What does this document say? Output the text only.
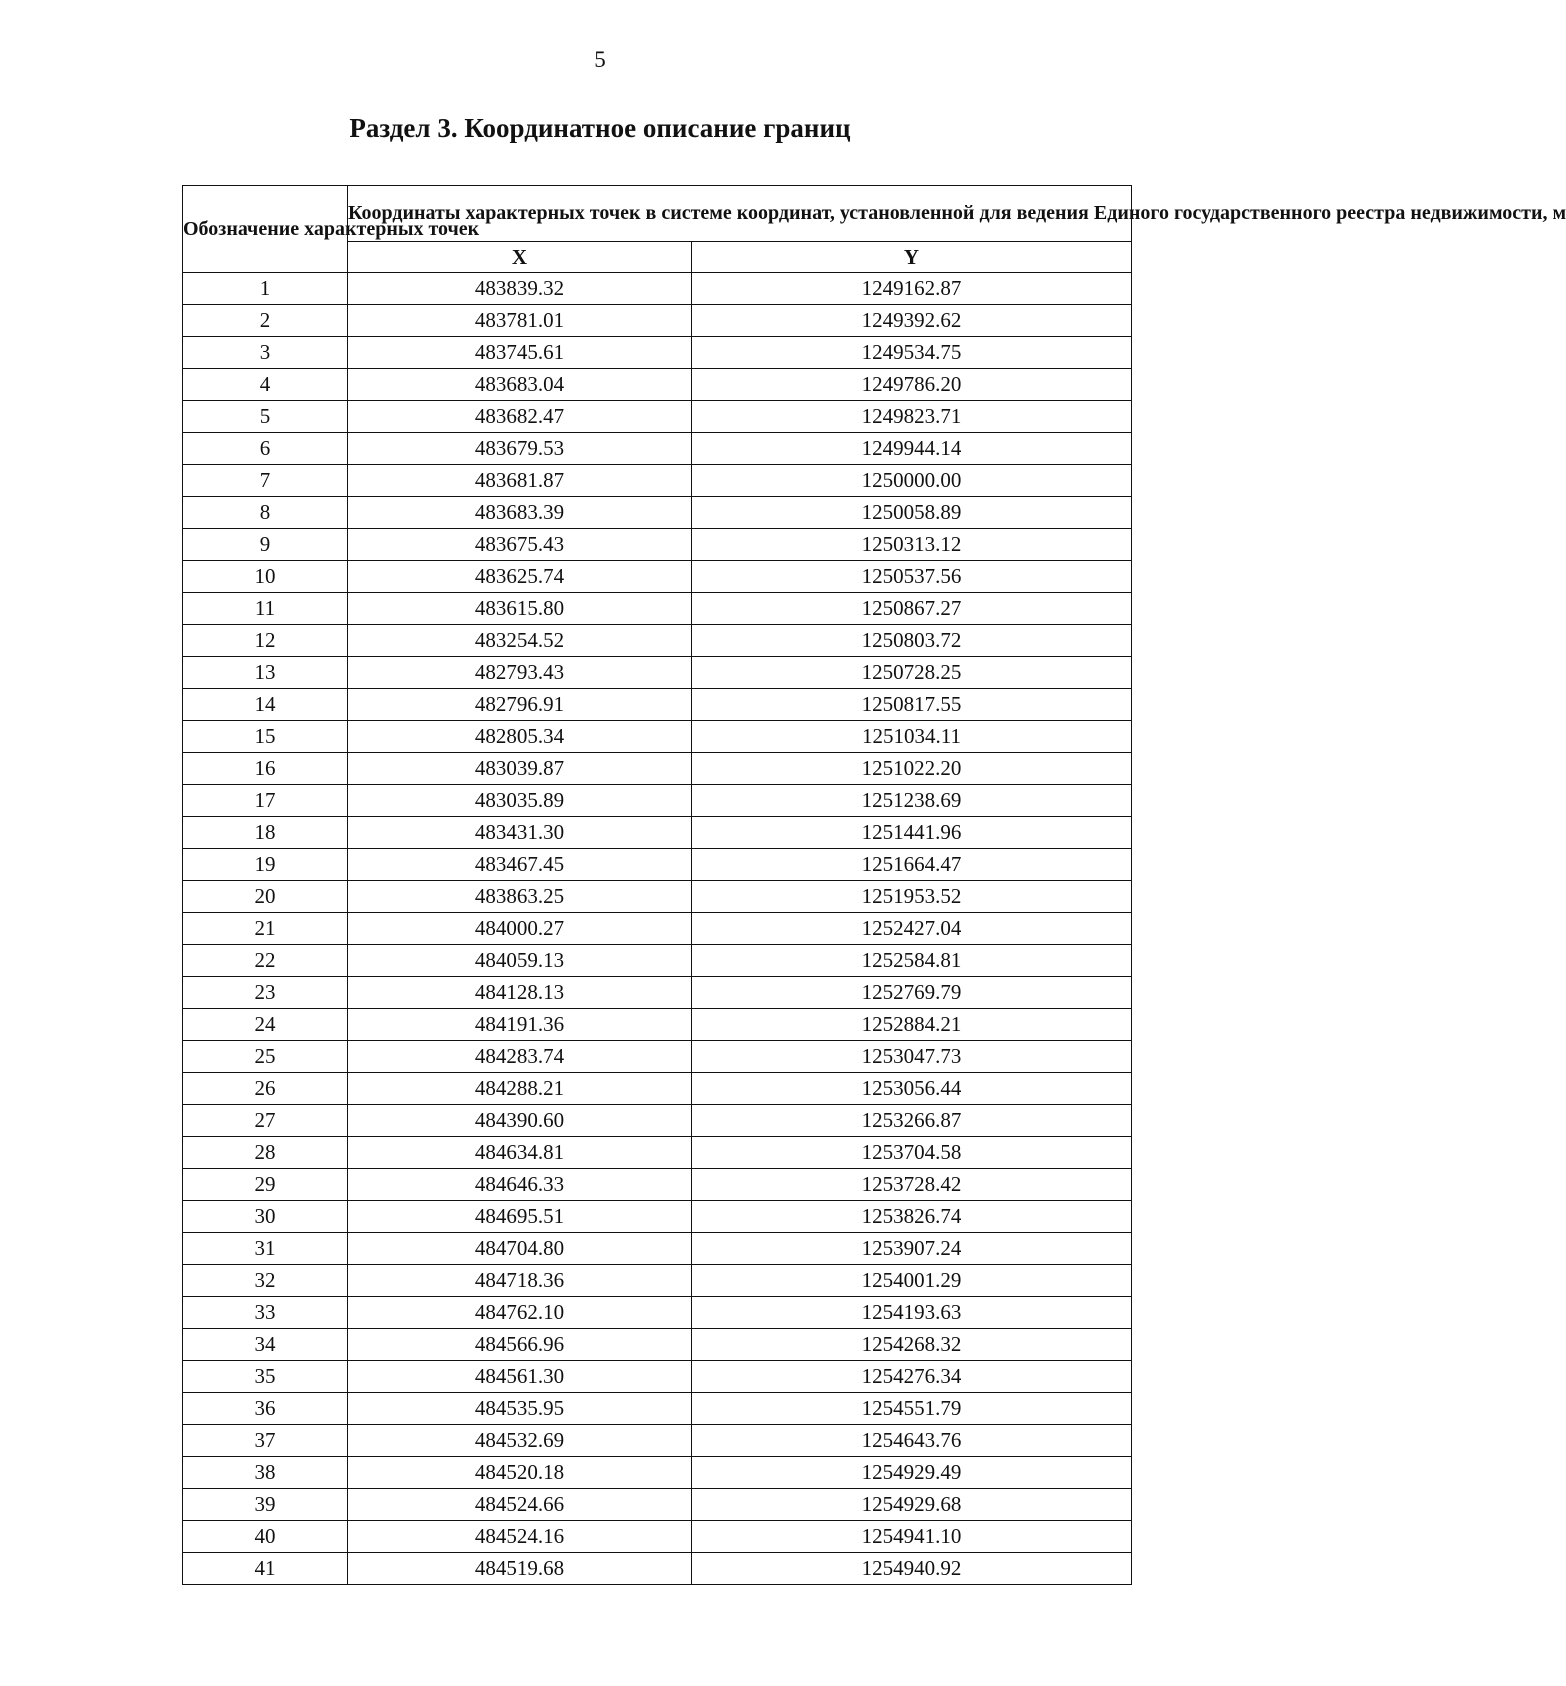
5
Раздел 3. Координатное описание границ
Обозначение характерных точек	Координаты характерных точек в системе координат, установленной для ведения Единого государственного реестра недвижимости, м	
	X	Y
1	483839.32	1249162.87
2	483781.01	1249392.62
3	483745.61	1249534.75
4	483683.04	1249786.20
5	483682.47	1249823.71
6	483679.53	1249944.14
7	483681.87	1250000.00
8	483683.39	1250058.89
9	483675.43	1250313.12
10	483625.74	1250537.56
11	483615.80	1250867.27
12	483254.52	1250803.72
13	482793.43	1250728.25
14	482796.91	1250817.55
15	482805.34	1251034.11
16	483039.87	1251022.20
17	483035.89	1251238.69
18	483431.30	1251441.96
19	483467.45	1251664.47
20	483863.25	1251953.52
21	484000.27	1252427.04
22	484059.13	1252584.81
23	484128.13	1252769.79
24	484191.36	1252884.21
25	484283.74	1253047.73
26	484288.21	1253056.44
27	484390.60	1253266.87
28	484634.81	1253704.58
29	484646.33	1253728.42
30	484695.51	1253826.74
31	484704.80	1253907.24
32	484718.36	1254001.29
33	484762.10	1254193.63
34	484566.96	1254268.32
35	484561.30	1254276.34
36	484535.95	1254551.79
37	484532.69	1254643.76
38	484520.18	1254929.49
39	484524.66	1254929.68
40	484524.16	1254941.10
41	484519.68	1254940.92
